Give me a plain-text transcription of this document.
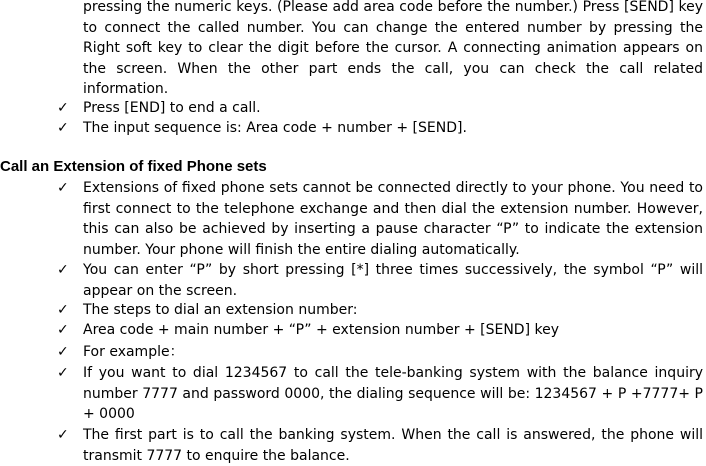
pressing the numeric keys. (Please add area code before the number.) Press [SEND] key to connect the called number. You can change the entered number by pressing the Right soft key to clear the digit before the cursor. A connecting animation appears on the screen. When the other part ends the call, you can check the call related information.

✓ Press [END] to end a call.

✓ The input sequence is: Area code + number + [SEND].

Call an Extension of fixed Phone sets
✓ Extensions of fixed phone sets cannot be connected directly to your phone. You need to first connect to the telephone exchange and then dial the extension number. However, this can also be achieved by inserting a pause character “P” to indicate the extension number. Your phone will finish the entire dialing automatically.

✓ You can enter “P” by short pressing [*] three times successively, the symbol “P” will appear on the screen.

✓ The steps to dial an extension number:

✓ Area code + main number + “P” + extension number + [SEND] key

✓ For example：

✓ If you want to dial 1234567 to call the tele-banking system with the balance inquiry number 7777 and password 0000, the dialing sequence will be: 1234567 + P +7777+ P + 0000

✓ The first part is to call the banking system. When the call is answered, the phone will transmit 7777 to enquire the balance.
